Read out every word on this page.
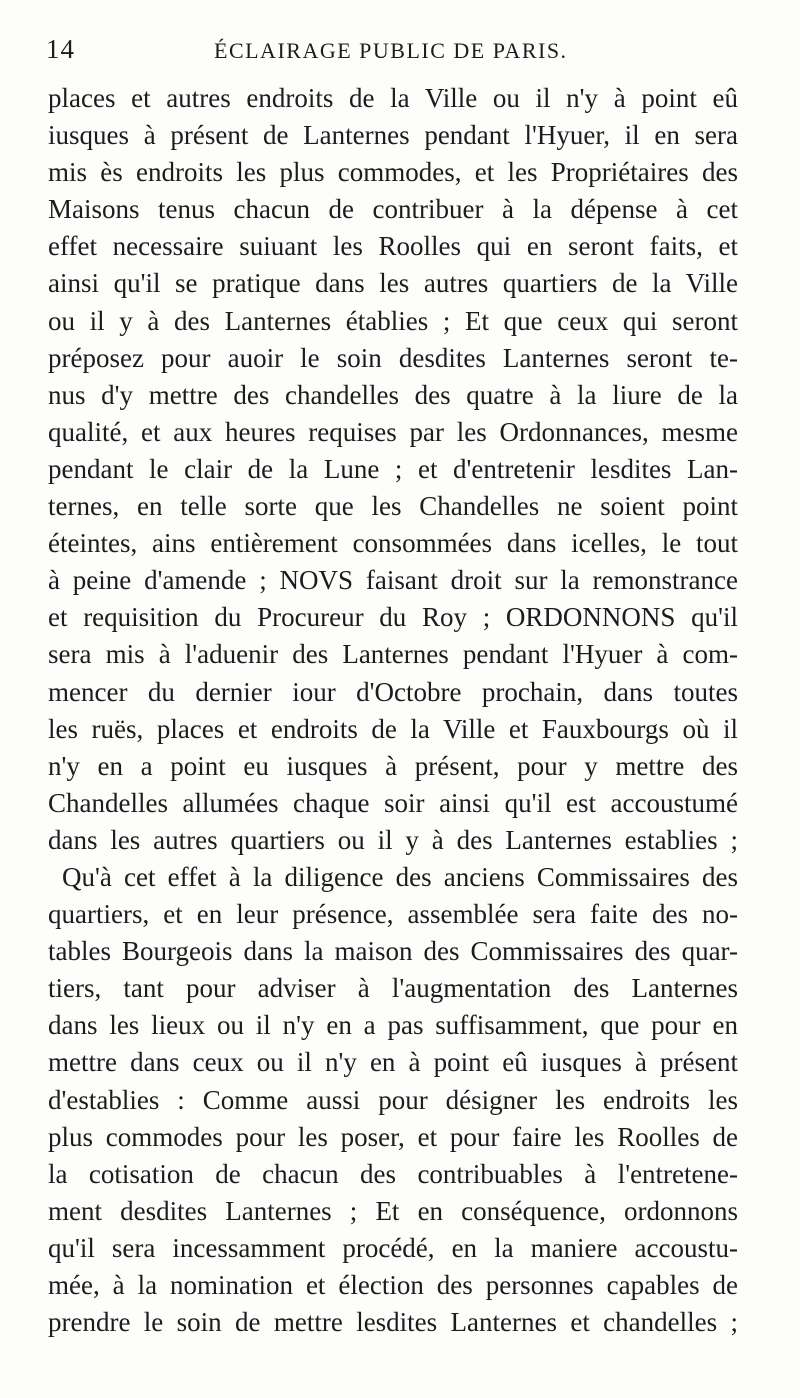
14	ÉCLAIRAGE PUBLIC DE PARIS.
places et autres endroits de la Ville ou il n'y à point eû
iusques à présent de Lanternes pendant l'Hyuer, il en sera
mis ès endroits les plus commodes, et les Propriétaires des
Maisons tenus chacun de contribuer à la dépense à cet
effet necessaire suiuant les Roolles qui en seront faits, et
ainsi qu'il se pratique dans les autres quartiers de la Ville
ou il y à des Lanternes établies ; Et que ceux qui seront
préposez pour auoir le soin desdites Lanternes seront te-
nus d'y mettre des chandelles des quatre à la liure de la
qualité, et aux heures requises par les Ordonnances, mesme
pendant le clair de la Lune ; et d'entretenir lesdites Lan-
ternes, en telle sorte que les Chandelles ne soient point
éteintes, ains entièrement consommées dans icelles, le tout
à peine d'amende ; NOVS faisant droit sur la remonstrance
et requisition du Procureur du Roy ; ORDONNONS qu'il
sera mis à l'aduenir des Lanternes pendant l'Hyuer à com-
mencer du dernier iour d'Octobre prochain, dans toutes
les ruës, places et endroits de la Ville et Fauxbourgs où il
n'y en a point eu iusques à présent, pour y mettre des
Chandelles allumées chaque soir ainsi qu'il est accoustumé
dans les autres quartiers ou il y à des Lanternes establies ;
Qu'à cet effet à la diligence des anciens Commissaires des
quartiers, et en leur présence, assemblée sera faite des no-
tables Bourgeois dans la maison des Commissaires des quar-
tiers, tant pour adviser à l'augmentation des Lanternes
dans les lieux ou il n'y en a pas suffisamment, que pour en
mettre dans ceux ou il n'y en à point eû iusques à présent
d'establies : Comme aussi pour désigner les endroits les
plus commodes pour les poser, et pour faire les Roolles de
la cotisation de chacun des contribuables à l'entretene-
ment desdites Lanternes ; Et en conséquence, ordonnons
qu'il sera incessamment procédé, en la maniere accoustu-
mée, à la nomination et élection des personnes capables de
prendre le soin de mettre lesdites Lanternes et chandelles ;
